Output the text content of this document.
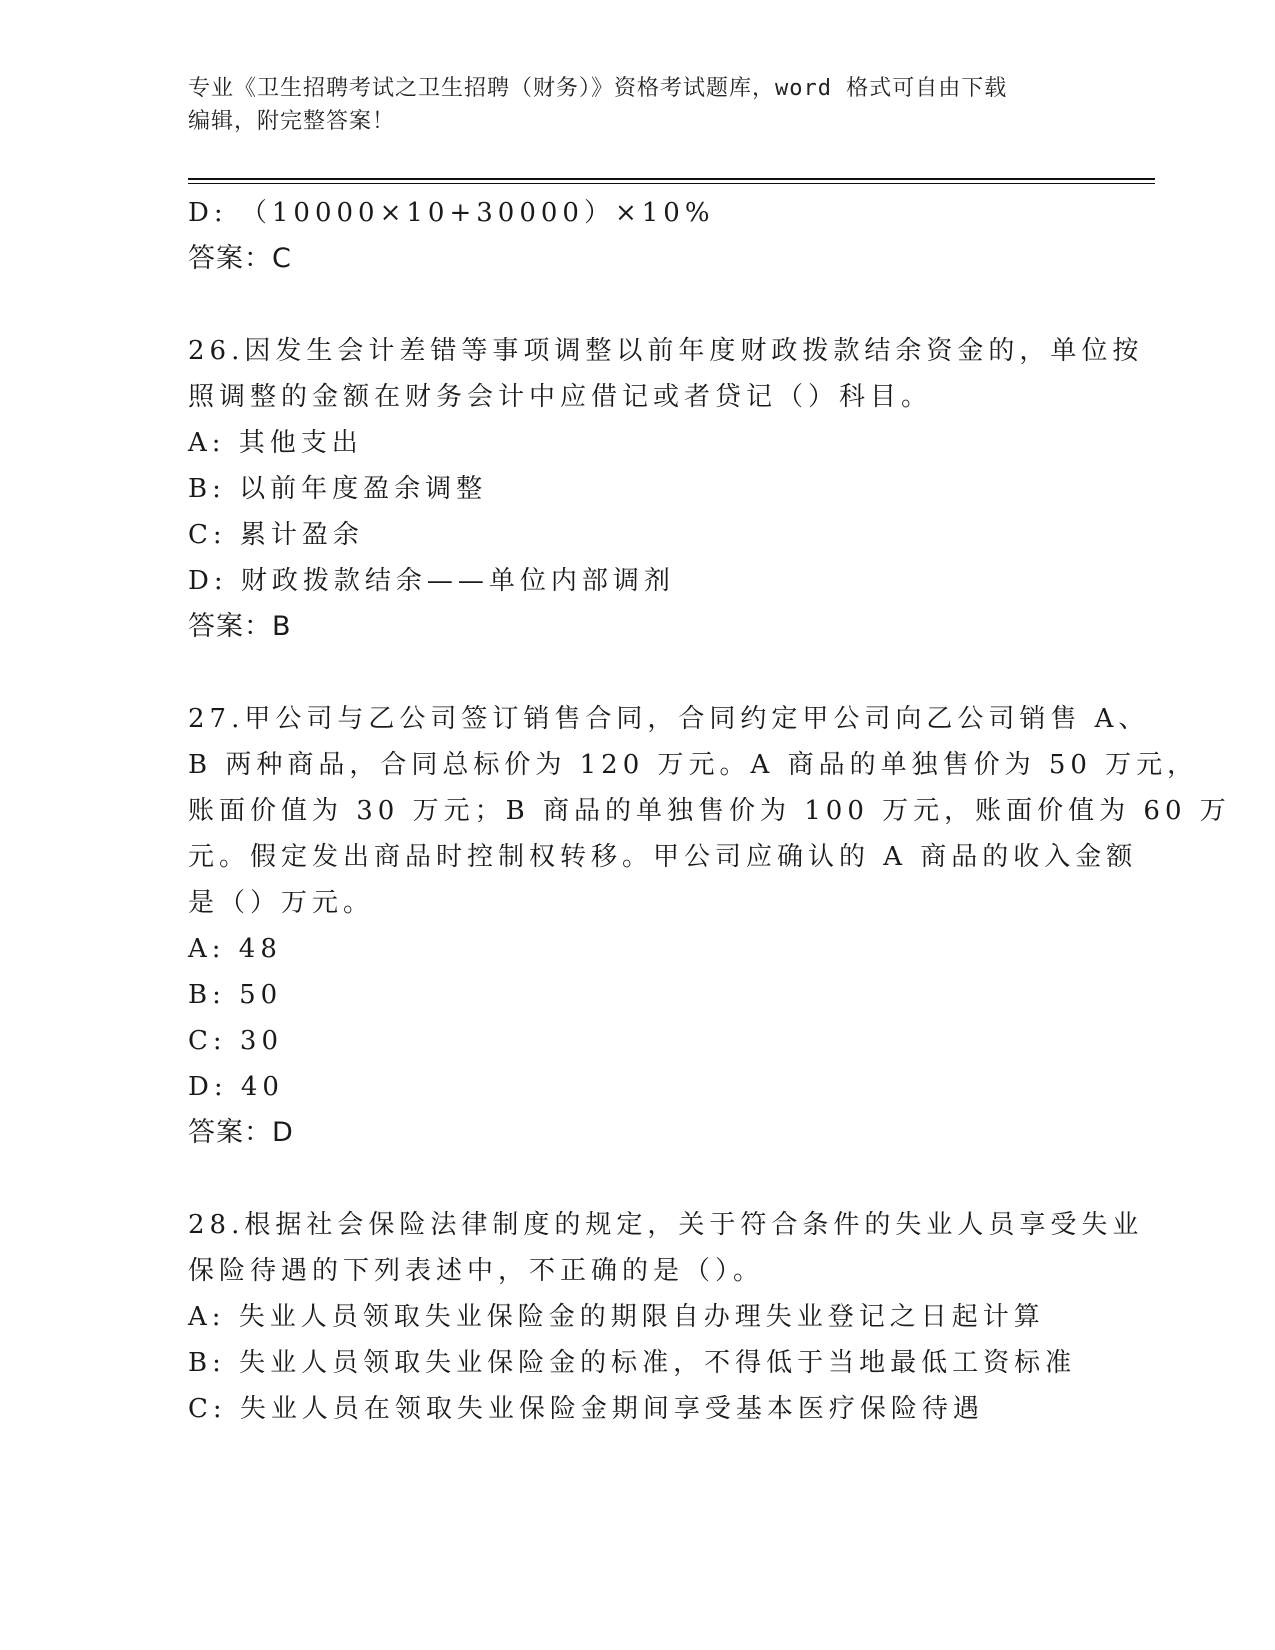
专业《卫生招聘考试之卫生招聘（财务）》资格考试题库，word 格式可自由下载
编辑，附完整答案！

D: （10000×10+30000）×10%

答案：C

26.因发生会计差错等事项调整以前年度财政拨款结余资金的，单位按

照调整的金额在财务会计中应借记或者贷记（）科目。

A: 其他支出

B: 以前年度盈余调整

C: 累计盈余

D: 财政拨款结余——单位内部调剂

答案：B

27.甲公司与乙公司签订销售合同，合同约定甲公司向乙公司销售 A、

B 两种商品，合同总标价为 120 万元。A 商品的单独售价为 50 万元，

账面价值为 30 万元；B 商品的单独售价为 100 万元，账面价值为 60 万

元。假定发出商品时控制权转移。甲公司应确认的 A 商品的收入金额

是（）万元。

A: 48

B: 50

C: 30

D: 40

答案：D

28.根据社会保险法律制度的规定，关于符合条件的失业人员享受失业

保险待遇的下列表述中，不正确的是（）。

A: 失业人员领取失业保险金的期限自办理失业登记之日起计算

B: 失业人员领取失业保险金的标准，不得低于当地最低工资标准

C: 失业人员在领取失业保险金期间享受基本医疗保险待遇
